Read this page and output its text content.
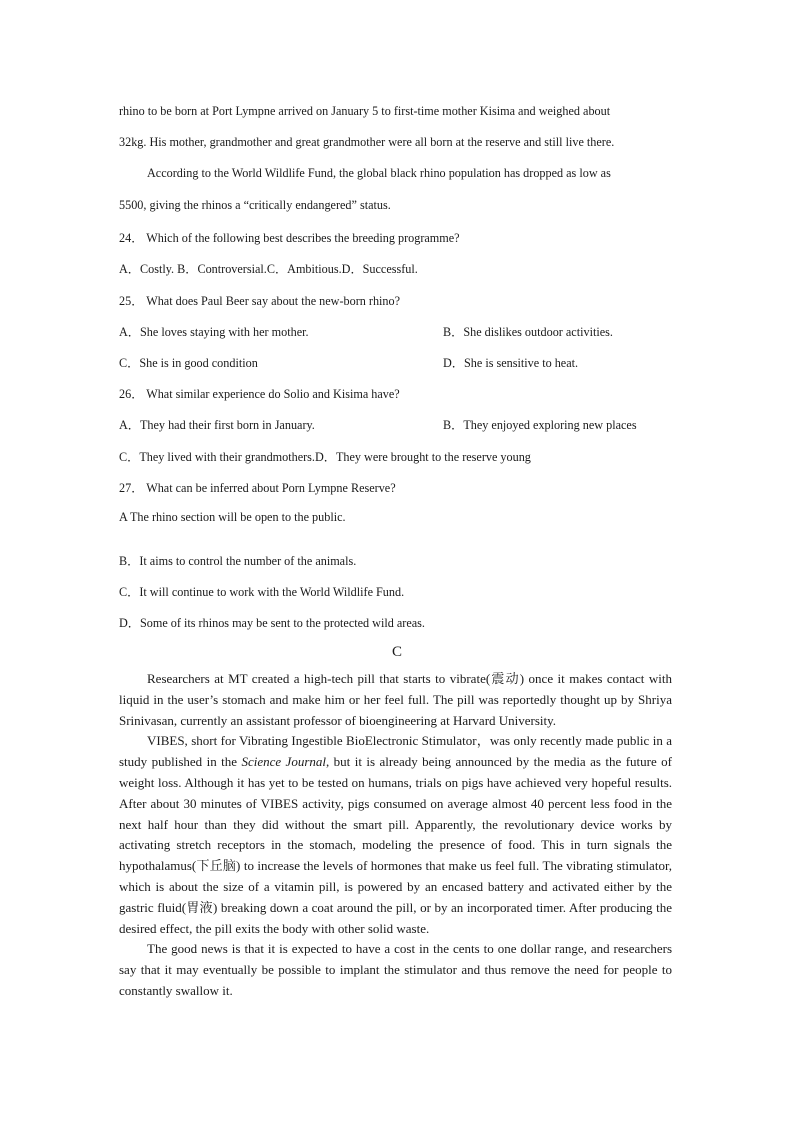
rhino to be born at Port Lympne arrived on January 5 to first-time mother Kisima and weighed about
32kg. His mother, grandmother and great grandmother were all born at the reserve and still live there.
According to the World Wildlife Fund, the global black rhino population has dropped as low as
5500, giving the rhinos a “critically endangered” status.
24． Which of the following best describes the breeding programme?
A．Costly. B．Controversial.C．Ambitious.D．Successful.
25． What does Paul Beer say about the new-born rhino?
A．She loves staying with her mother.	B．She dislikes outdoor activities.
C．She is in good condition	D．She is sensitive to heat.
26． What similar experience do Solio and Kisima have?
A．They had their first born in January.	B．They enjoyed exploring new places
C．They lived with their grandmothers.D．They were brought to the reserve young
27． What can be inferred about Porn Lympne Reserve?
A The rhino section will be open to the public.
B．It aims to control the number of the animals.
C．It will continue to work with the World Wildlife Fund.
D．Some of its rhinos may be sent to the protected wild areas.
C

Researchers at MT created a high-tech pill that starts to vibrate(震动) once it makes contact with liquid in the user’s stomach and make him or her feel full. The pill was reportedly thought up by Shriya Srinivasan, currently an assistant professor of bioengineering at Harvard University.

VIBES, short for Vibrating Ingestible BioElectronic Stimulator，was only recently made public in a study published in the Science Journal, but it is already being announced by the media as the future of weight loss. Although it has yet to be tested on humans, trials on pigs have achieved very hopeful results. After about 30 minutes of VIBES activity, pigs consumed on average almost 40 percent less food in the next half hour than they did without the smart pill. Apparently, the revolutionary device works by activating stretch receptors in the stomach, modeling the presence of food. This in turn signals the hypothalamus(下丘脑) to increase the levels of hormones that make us feel full. The vibrating stimulator, which is about the size of a vitamin pill, is powered by an encased battery and activated either by the gastric fluid(胃液) breaking down a coat around the pill, or by an incorporated timer. After producing the desired effect, the pill exits the body with other solid waste.

The good news is that it is expected to have a cost in the cents to one dollar range, and researchers say that it may eventually be possible to implant the stimulator and thus remove the need for people to constantly swallow it.
